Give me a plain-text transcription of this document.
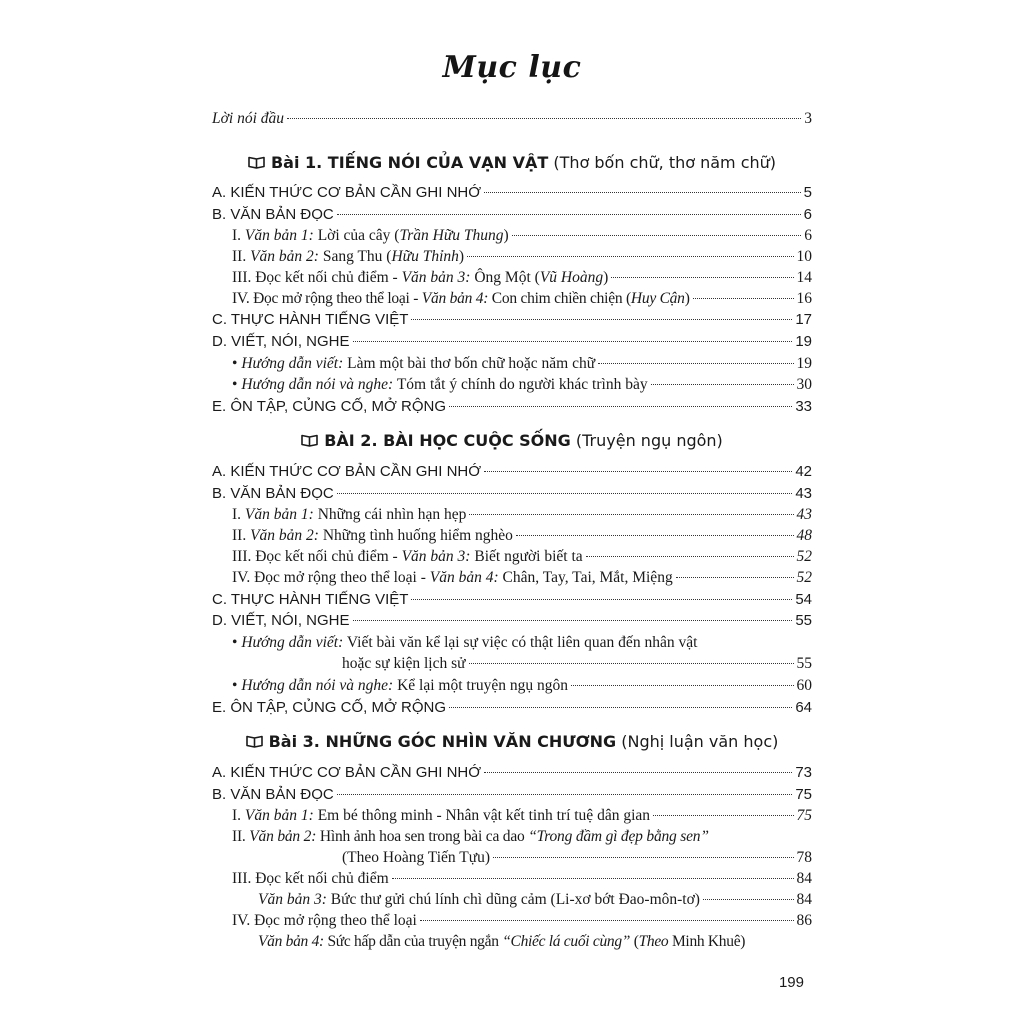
Mục lục
Lời nói đầu	3
Bài 1. TIẾNG NÓI CỦA VẠN VẬT (Thơ bốn chữ, thơ năm chữ)
A. KIẾN THỨC CƠ BẢN CẦN GHI NHỚ	5
B. VĂN BẢN ĐỌC	6
I. Văn bản 1: Lời của cây (Trần Hữu Thung)	6
II. Văn bản 2: Sang Thu (Hữu Thỉnh)	10
III. Đọc kết nối chủ điểm - Văn bản 3: Ông Một (Vũ Hoàng)	14
IV. Đọc mở rộng theo thể loại - Văn bản 4: Con chim chiền chiện (Huy Cận)	16
C. THỰC HÀNH TIẾNG VIỆT	17
D. VIẾT, NÓI, NGHE	19
• Hướng dẫn viết: Làm một bài thơ bốn chữ hoặc năm chữ	19
• Hướng dẫn nói và nghe: Tóm tắt ý chính do người khác trình bày	30
E. ÔN TẬP, CỦNG CỐ, MỞ RỘNG	33
BÀI 2. BÀI HỌC CUỘC SỐNG (Truyện ngụ ngôn)
A. KIẾN THỨC CƠ BẢN CẦN GHI NHỚ	42
B. VĂN BẢN ĐỌC	43
I. Văn bản 1: Những cái nhìn hạn hẹp	43
II. Văn bản 2: Những tình huống hiểm nghèo	48
III. Đọc kết nối chủ điểm - Văn bản 3: Biết người biết ta	52
IV. Đọc mở rộng theo thể loại - Văn bản 4: Chân, Tay, Tai, Mắt, Miệng	52
C. THỰC HÀNH TIẾNG VIỆT	54
D. VIẾT, NÓI, NGHE	55
• Hướng dẫn viết: Viết bài văn kể lại sự việc có thật liên quan đến nhân vật
hoặc sự kiện lịch sử	55
• Hướng dẫn nói và nghe: Kể lại một truyện ngụ ngôn	60
E. ÔN TẬP, CỦNG CỐ, MỞ RỘNG	64
Bài 3. NHỮNG GÓC NHÌN VĂN CHƯƠNG (Nghị luận văn học)
A. KIẾN THỨC CƠ BẢN CẦN GHI NHỚ	73
B. VĂN BẢN ĐỌC	75
I. Văn bản 1: Em bé thông minh - Nhân vật kết tinh trí tuệ dân gian	75
II. Văn bản 2: Hình ảnh hoa sen trong bài ca dao “Trong đầm gì đẹp bằng sen”
(Theo Hoàng Tiến Tựu)	78
III. Đọc kết nối chủ điểm	84
Văn bản 3: Bức thư gửi chú lính chì dũng cảm (Li-xơ bớt Đao-môn-tơ)	84
IV. Đọc mở rộng theo thể loại	86
Văn bản 4: Sức hấp dẫn của truyện ngắn “Chiếc lá cuối cùng” (Theo Minh Khuê)
199
